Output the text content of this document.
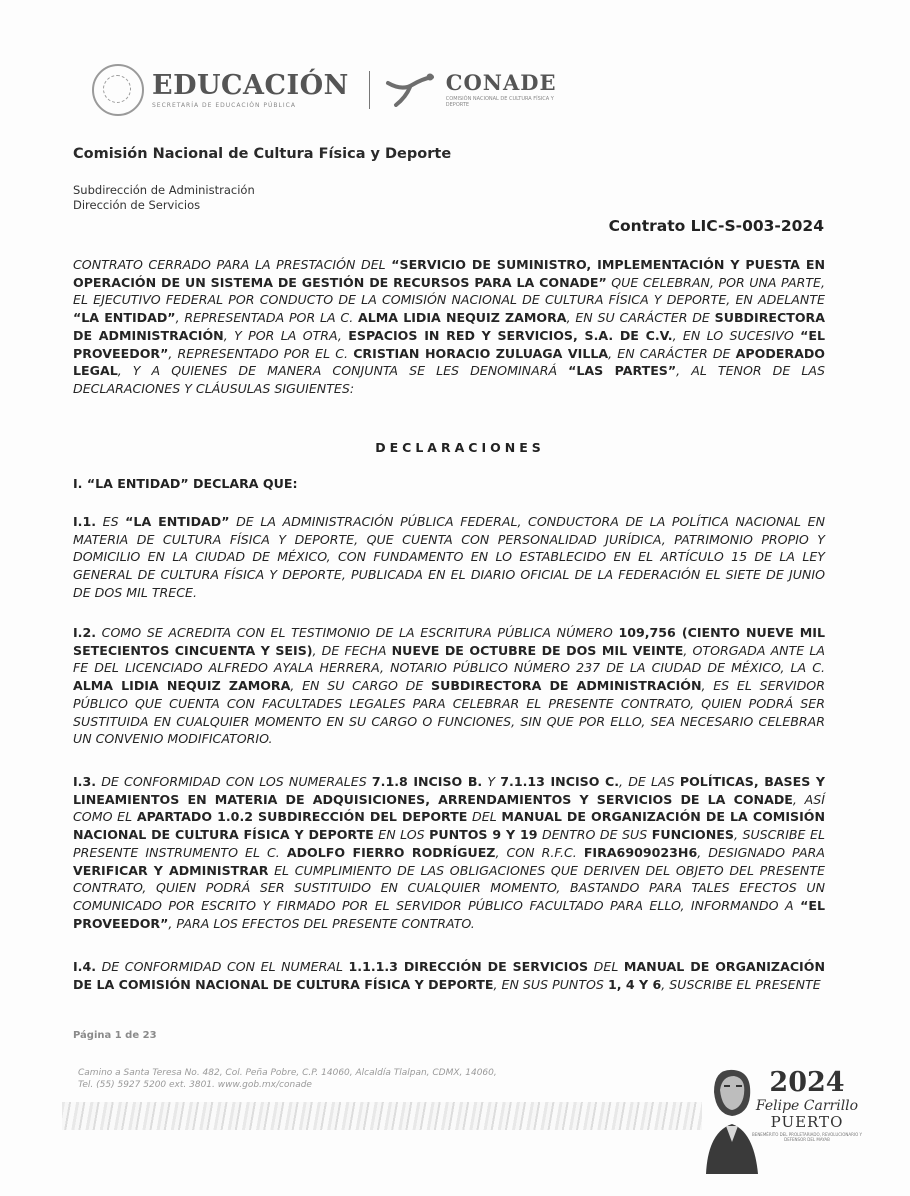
EDUCACIÓN
SECRETARÍA DE EDUCACIÓN PÚBLICA
CONADE
COMISIÓN NACIONAL DE CULTURA FÍSICA Y DEPORTE
Comisión Nacional de Cultura Física y Deporte
Subdirección de Administración
Dirección de Servicios
Contrato LIC-S-003-2024

CONTRATO CERRADO PARA LA PRESTACIÓN DEL “SERVICIO DE SUMINISTRO, IMPLEMENTACIÓN Y PUESTA EN OPERACIÓN DE UN SISTEMA DE GESTIÓN DE RECURSOS PARA LA CONADE” QUE CELEBRAN, POR UNA PARTE, EL EJECUTIVO FEDERAL POR CONDUCTO DE LA COMISIÓN NACIONAL DE CULTURA FÍSICA Y DEPORTE, EN ADELANTE “LA ENTIDAD”, REPRESENTADA POR LA C. ALMA LIDIA NEQUIZ ZAMORA, EN SU CARÁCTER DE SUBDIRECTORA DE ADMINISTRACIÓN, Y POR LA OTRA, ESPACIOS IN RED Y SERVICIOS, S.A. DE C.V., EN LO SUCESIVO “EL PROVEEDOR”, REPRESENTADO POR EL C. CRISTIAN HORACIO ZULUAGA VILLA, EN CARÁCTER DE APODERADO LEGAL, Y A QUIENES DE MANERA CONJUNTA SE LES DENOMINARÁ “LAS PARTES”, AL TENOR DE LAS DECLARACIONES Y CLÁUSULAS SIGUIENTES:

DECLARACIONES
I. “LA ENTIDAD” DECLARA QUE:

I.1. ES “LA ENTIDAD” DE LA ADMINISTRACIÓN PÚBLICA FEDERAL, CONDUCTORA DE LA POLÍTICA NACIONAL EN MATERIA DE CULTURA FÍSICA Y DEPORTE, QUE CUENTA CON PERSONALIDAD JURÍDICA, PATRIMONIO PROPIO Y DOMICILIO EN LA CIUDAD DE MÉXICO, CON FUNDAMENTO EN LO ESTABLECIDO EN EL ARTÍCULO 15 DE LA LEY GENERAL DE CULTURA FÍSICA Y DEPORTE, PUBLICADA EN EL DIARIO OFICIAL DE LA FEDERACIÓN EL SIETE DE JUNIO DE DOS MIL TRECE.

I.2. COMO SE ACREDITA CON EL TESTIMONIO DE LA ESCRITURA PÚBLICA NÚMERO 109,756 (CIENTO NUEVE MIL SETECIENTOS CINCUENTA Y SEIS), DE FECHA NUEVE DE OCTUBRE DE DOS MIL VEINTE, OTORGADA ANTE LA FE DEL LICENCIADO ALFREDO AYALA HERRERA, NOTARIO PÚBLICO NÚMERO 237 DE LA CIUDAD DE MÉXICO, LA C. ALMA LIDIA NEQUIZ ZAMORA, EN SU CARGO DE SUBDIRECTORA DE ADMINISTRACIÓN, ES EL SERVIDOR PÚBLICO QUE CUENTA CON FACULTADES LEGALES PARA CELEBRAR EL PRESENTE CONTRATO, QUIEN PODRÁ SER SUSTITUIDA EN CUALQUIER MOMENTO EN SU CARGO O FUNCIONES, SIN QUE POR ELLO, SEA NECESARIO CELEBRAR UN CONVENIO MODIFICATORIO.

I.3. DE CONFORMIDAD CON LOS NUMERALES 7.1.8 INCISO B. Y 7.1.13 INCISO C., DE LAS POLÍTICAS, BASES Y LINEAMIENTOS EN MATERIA DE ADQUISICIONES, ARRENDAMIENTOS Y SERVICIOS DE LA CONADE, ASÍ COMO EL APARTADO 1.0.2 SUBDIRECCIÓN DEL DEPORTE DEL MANUAL DE ORGANIZACIÓN DE LA COMISIÓN NACIONAL DE CULTURA FÍSICA Y DEPORTE EN LOS PUNTOS 9 Y 19 DENTRO DE SUS FUNCIONES, SUSCRIBE EL PRESENTE INSTRUMENTO EL C. ADOLFO FIERRO RODRÍGUEZ, CON R.F.C. FIRA6909023H6, DESIGNADO PARA VERIFICAR Y ADMINISTRAR EL CUMPLIMIENTO DE LAS OBLIGACIONES QUE DERIVEN DEL OBJETO DEL PRESENTE CONTRATO, QUIEN PODRÁ SER SUSTITUIDO EN CUALQUIER MOMENTO, BASTANDO PARA TALES EFECTOS UN COMUNICADO POR ESCRITO Y FIRMADO POR EL SERVIDOR PÚBLICO FACULTADO PARA ELLO, INFORMANDO A “EL PROVEEDOR”, PARA LOS EFECTOS DEL PRESENTE CONTRATO.

I.4. DE CONFORMIDAD CON EL NUMERAL 1.1.1.3 DIRECCIÓN DE SERVICIOS DEL MANUAL DE ORGANIZACIÓN DE LA COMISIÓN NACIONAL DE CULTURA FÍSICA Y DEPORTE, EN SUS PUNTOS 1, 4 Y 6, SUSCRIBE EL PRESENTE

Página 1 de 23
Camino a Santa Teresa No. 482, Col. Peña Pobre, C.P. 14060, Alcaldía Tlalpan, CDMX, 14060,
Tel. (55) 5927 5200 ext. 3801. www.gob.mx/conade	2024
Felipe Carrillo
PUERTO
BENEMÉRITO DEL PROLETARIADO, REVOLUCIONARIO Y DEFENSOR DEL MAYAB
